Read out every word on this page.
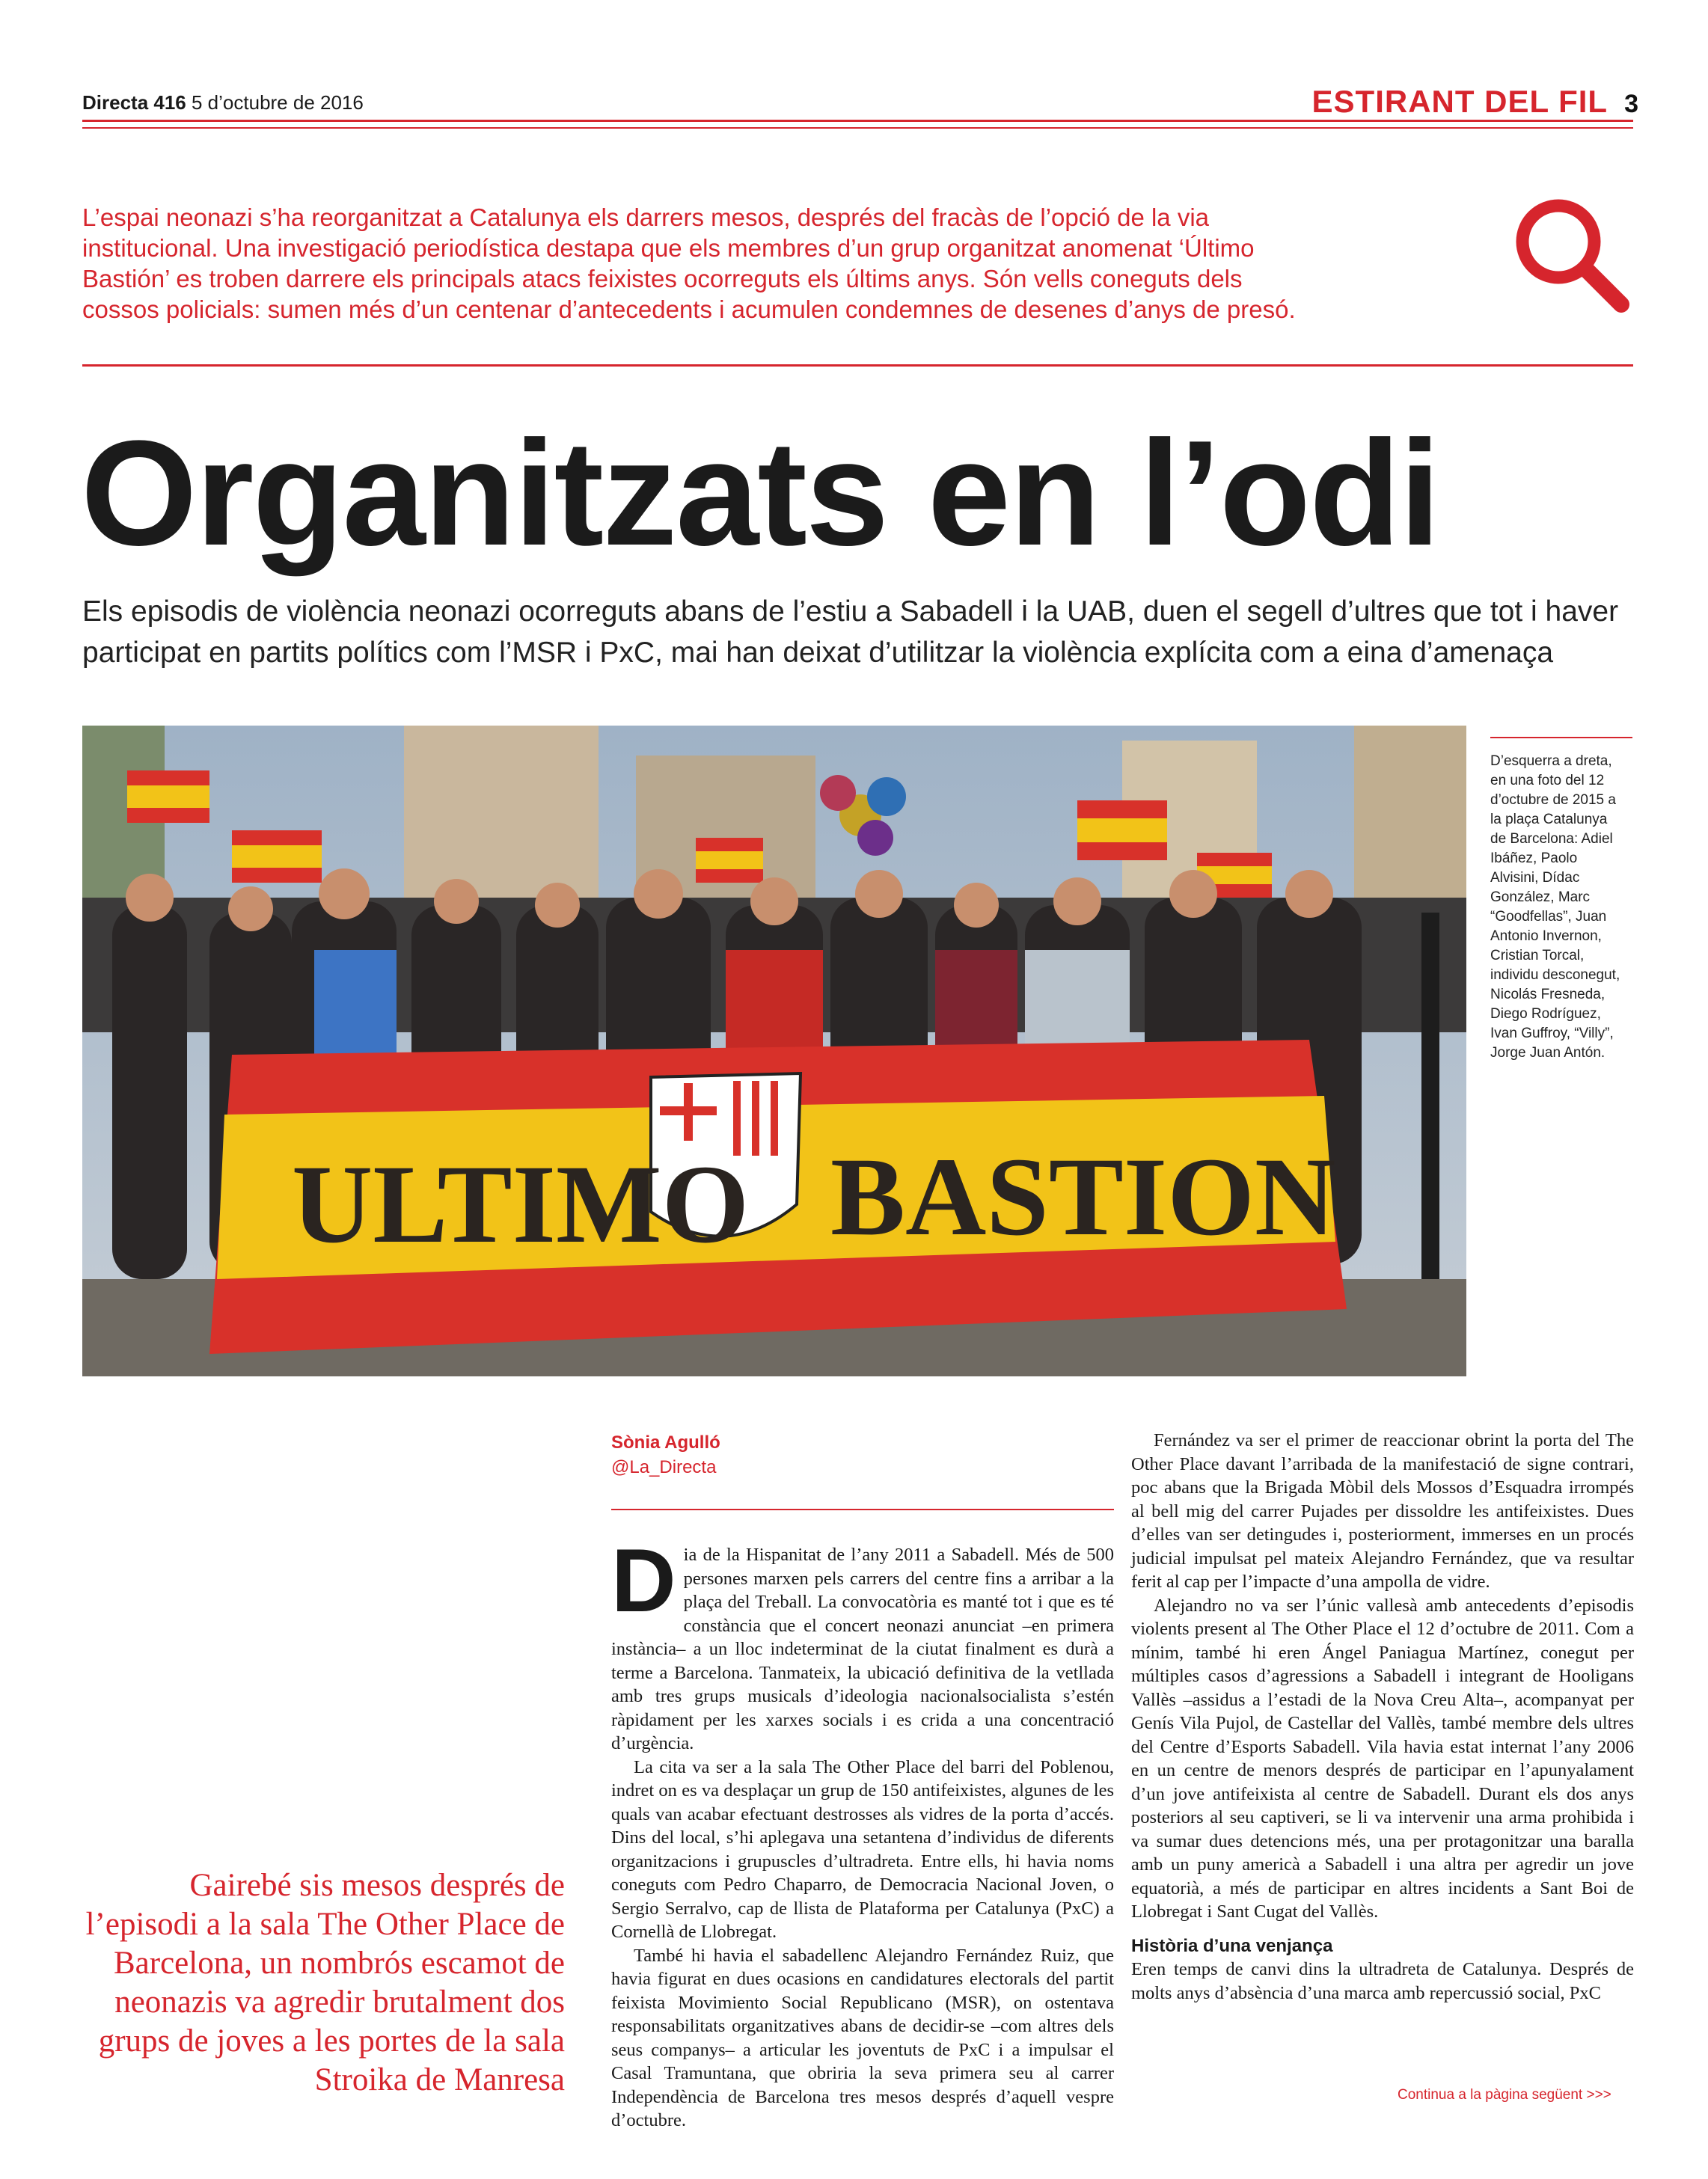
Directa 416 5 d’octubre de 2016	ESTIRANT DEL FIL 3
L’espai neonazi s’ha reorganitzat a Catalunya els darrers mesos, després del fracàs de l’opció de la via institucional. Una investigació periodística destapa que els membres d’un grup organitzat anomenat ‘Último Bastión’ es troben darrere els principals atacs feixistes ocorreguts els últims anys. Són vells coneguts dels cossos policials: sumen més d’un centenar d’antecedents i acumulen condemnes de desenes d’anys de presó.
Organitzats en l’odi
Els episodis de violència neonazi ocorreguts abans de l’estiu a Sabadell i la UAB, duen el segell d’ultres que tot i haver participat en partits polítics com l’MSR i PxC, mai han deixat d’utilitzar la violència explícita com a eina d’amenaça
ULTIMO BASTION
D’esquerra a dreta, en una foto del 12 d’octubre de 2015 a la plaça Catalunya de Barcelona: Adiel Ibáñez, Paolo Alvisini, Dídac González, Marc “Goodfellas”, Juan Antonio Invernon, Cristian Torcal, individu desconegut, Nicolás Fresneda, Diego Rodríguez, Ivan Guffroy, “Villy”, Jorge Juan Antón.
Sònia Agulló
@La_Directa
D ia de la Hispanitat de l’any 2011 a Sabadell. Més de 500 persones marxen pels carrers del centre fins a arribar a la plaça del Treball. La convocatòria es manté tot i que es té constància que el concert neonazi anunciat –en primera instància– a un lloc indeterminat de la ciutat finalment es durà a terme a Barcelona. Tanmateix, la ubicació definitiva de la vetllada amb tres grups musicals d’ideologia nacionalsocialista s’estén ràpidament per les xarxes socials i es crida a una concentració d’urgència.

La cita va ser a la sala The Other Place del barri del Poblenou, indret on es va desplaçar un grup de 150 antifeixistes, algunes de les quals van acabar efectuant destrosses als vidres de la porta d’accés. Dins del local, s’hi aplegava una setantena d’individus de diferents organitzacions i grupuscles d’ultradreta. Entre ells, hi havia noms coneguts com Pedro Chaparro, de Democracia Nacional Joven, o Sergio Serralvo, cap de llista de Plataforma per Catalunya (PxC) a Cornellà de Llobregat.

També hi havia el sabadellenc Alejandro Fernández Ruiz, que havia figurat en dues ocasions en candidatures electorals del partit feixista Movimiento Social Republicano (MSR), on ostentava responsabilitats organitzatives abans de decidir-se –com altres dels seus companys– a articular les joventuts de PxC i a impulsar el Casal Tramuntana, que obriria la seva primera seu al carrer Independència de Barcelona tres mesos després d’aquell vespre d’octubre.

Fernández va ser el primer de reaccionar obrint la porta del The Other Place davant l’arribada de la manifestació de signe contrari, poc abans que la Brigada Mòbil dels Mossos d’Esquadra irrompés al bell mig del carrer Pujades per dissoldre les antifeixistes. Dues d’elles van ser detingudes i, posteriorment, immerses en un procés judicial impulsat pel mateix Alejandro Fernández, que va resultar ferit al cap per l’impacte d’una ampolla de vidre.

Alejandro no va ser l’únic vallesà amb antecedents d’episodis violents present al The Other Place el 12 d’octubre de 2011. Com a mínim, també hi eren Ángel Paniagua Martínez, conegut per múltiples casos d’agressions a Sabadell i integrant de Hooligans Vallès –assidus a l’estadi de la Nova Creu Alta–, acompanyat per Genís Vila Pujol, de Castellar del Vallès, també membre dels ultres del Centre d’Esports Sabadell. Vila havia estat internat l’any 2006 en un centre de menors després de participar en l’apunyalament d’un jove antifeixista al centre de Sabadell. Durant els dos anys posteriors al seu captiveri, se li va intervenir una arma prohibida i va sumar dues detencions més, una per protagonitzar una baralla amb un puny americà a Sabadell i una altra per agredir un jove equatorià, a més de participar en altres incidents a Sant Boi de Llobregat i Sant Cugat del Vallès.

Història d’una venjança

Eren temps de canvi dins la ultradreta de Catalunya. Després de molts anys d’absència d’una marca amb repercussió social, PxC

Gairebé sis mesos després de l’episodi a la sala The Other Place de Barcelona, un nombrós escamot de neonazis va agredir brutalment dos grups de joves a les portes de la sala Stroika de Manresa	Continua a la pàgina següent >>>
